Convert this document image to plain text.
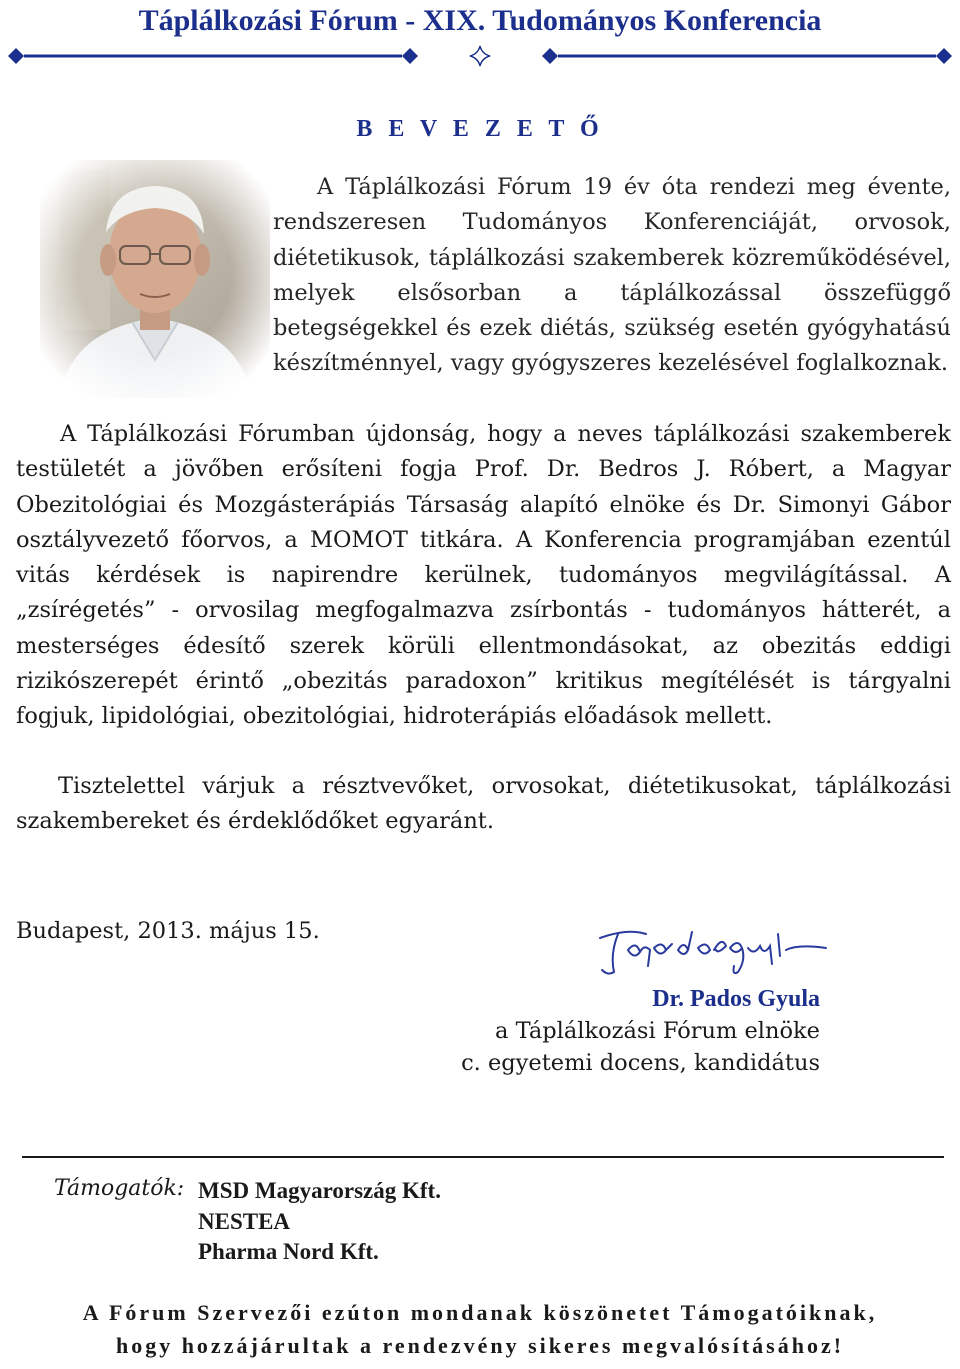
Táplálkozási Fórum - XIX. Tudományos Konferencia
B E V E Z E T Ő

A Táplálkozási Fórum 19 év óta rendezi meg évente, rendszeresen Tudományos Konferenciáját, orvosok, diétetikusok, táplálkozási szakemberek közreműködésével, melyek elsősorban a táplálkozással összefüggő betegségekkel és ezek diétás, szükség esetén gyógyhatású készítménnyel, vagy gyógyszeres kezelésével foglalkoznak.

A Táplálkozási Fórumban újdonság, hogy a neves táplálkozási szakemberek testületét a jövőben erősíteni fogja Prof. Dr. Bedros J. Róbert, a Magyar Obezitológiai és Mozgásterápiás Társaság alapító elnöke és Dr. Simonyi Gábor osztályvezető főorvos, a MOMOT titkára. A Konferencia programjában ezentúl vitás kérdések is napirendre kerülnek, tudományos megvilágítással. A „zsírégetés” - orvosilag megfogalmazva zsírbontás - tudományos hátterét, a mesterséges édesítő szerek körüli ellentmondásokat, az obezitás eddigi rizikószerepét érintő „obezitás paradoxon” kritikus megítélését is tárgyalni fogjuk, lipidológiai, obezitológiai, hidroterápiás előadások mellett.

Tisztelettel várjuk a résztvevőket, orvosokat, diétetikusokat, táplálkozási szakembereket és érdeklődőket egyaránt.

Budapest, 2013. május 15.

Dr. Pados Gyula
a Táplálkozási Fórum elnöke
c. egyetemi docens, kandidátus

Támogatók: MSD Magyarország Kft.
NESTEA
Pharma Nord Kft.

A Fórum Szervezői ezúton mondanak köszönetet Támogatóiknak,
hogy hozzájárultak a rendezvény sikeres megvalósításához!
